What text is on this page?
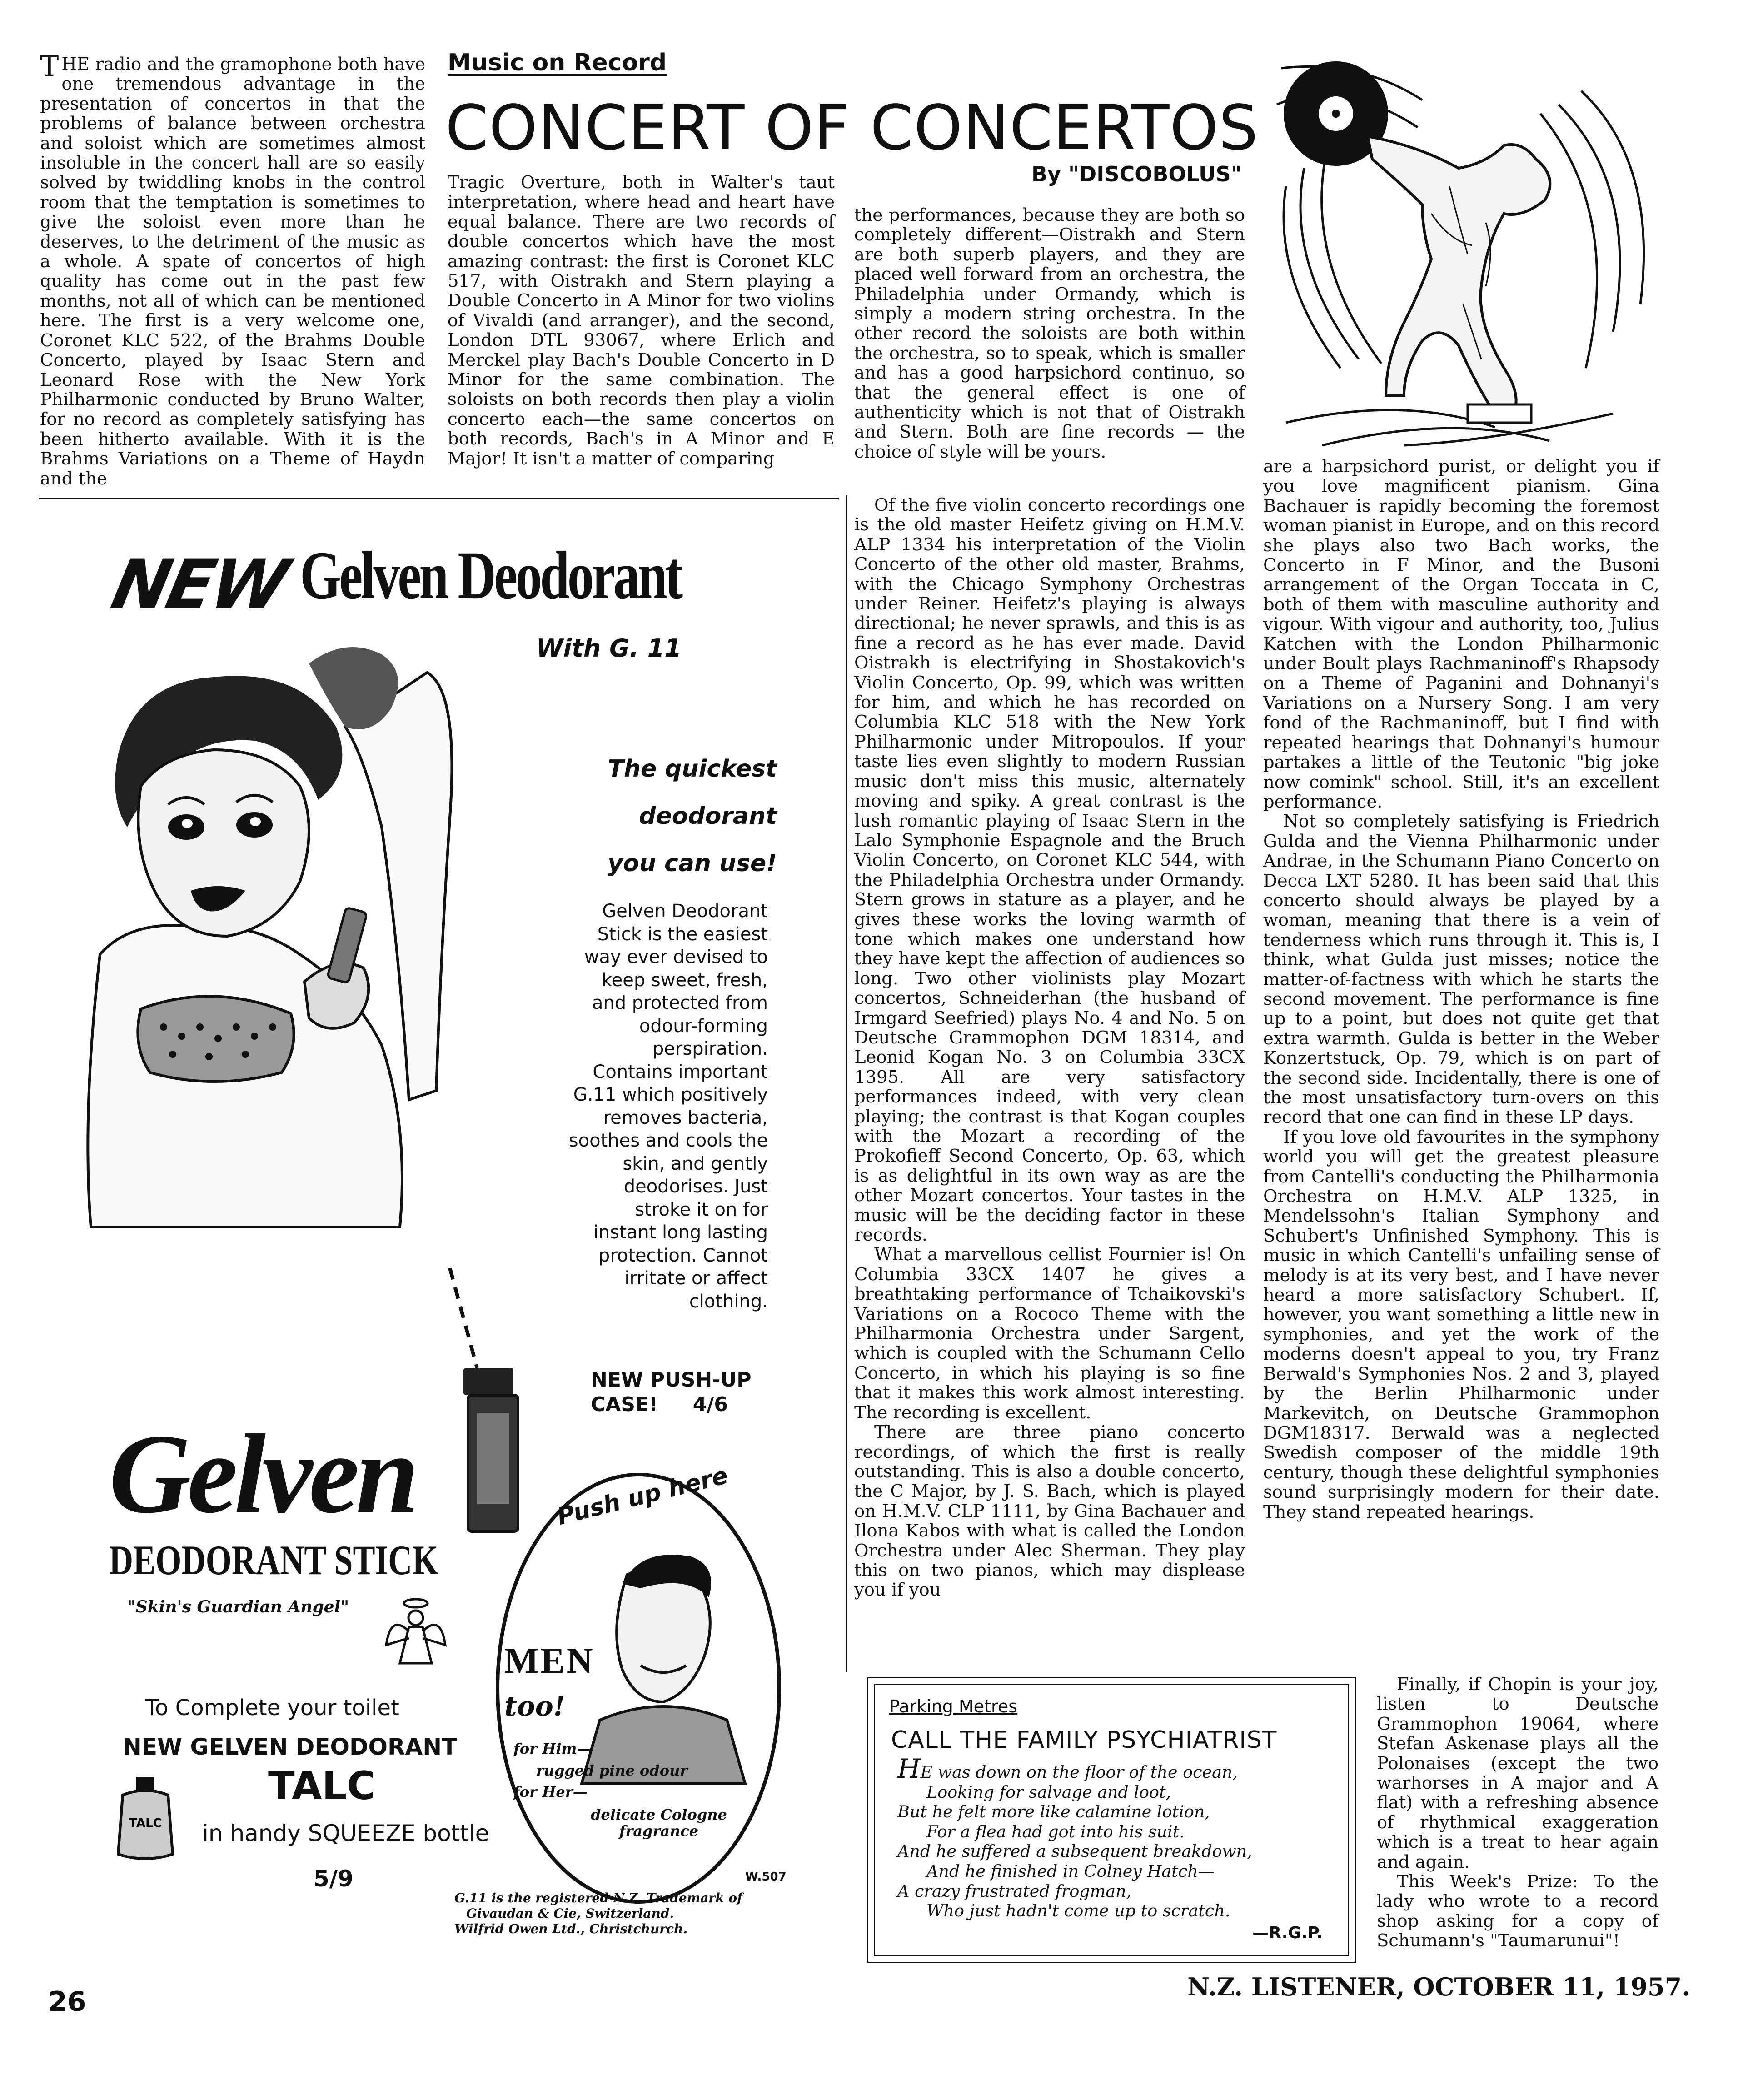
THE radio and the gramophone both have one tremendous advantage in the presentation of concertos in that the problems of balance between orchestra and soloist which are sometimes almost insoluble in the concert hall are so easily solved by twiddling knobs in the control room that the temptation is sometimes to give the soloist even more than he deserves, to the detriment of the music as a whole. A spate of concertos of high quality has come out in the past few months, not all of which can be mentioned here. The first is a very welcome one, Coronet KLC 522, of the Brahms Double Concerto, played by Isaac Stern and Leonard Rose with the New York Philharmonic conducted by Bruno Walter, for no record as completely satisfying has been hitherto available. With it is the Brahms Variations on a Theme of Haydn and the

Music on Record
CONCERT OF CONCERTOS
By "DISCOBOLUS"

Tragic Overture, both in Walter's taut interpretation, where head and heart have equal balance. There are two records of double concertos which have the most amazing contrast: the first is Coronet KLC 517, with Oistrakh and Stern playing a Double Concerto in A Minor for two violins of Vivaldi (and arranger), and the second, London DTL 93067, where Erlich and Merckel play Bach's Double Concerto in D Minor for the same combination. The soloists on both records then play a violin concerto each—the same concertos on both records, Bach's in A Minor and E Major! It isn't a matter of comparing

the performances, because they are both so completely different—Oistrakh and Stern are both superb players, and they are placed well forward from an orchestra, the Philadelphia under Ormandy, which is simply a modern string orchestra. In the other record the soloists are both within the orchestra, so to speak, which is smaller and has a good harpsichord continuo, so that the general effect is one of authenticity which is not that of Oistrakh and Stern. Both are fine records — the choice of style will be yours.

Of the five violin concerto recordings one is the old master Heifetz giving on H.M.V. ALP 1334 his interpretation of the Violin Concerto of the other old master, Brahms, with the Chicago Symphony Orchestras under Reiner. Heifetz's playing is always directional; he never sprawls, and this is as fine a record as he has ever made. David Oistrakh is electrifying in Shostakovich's Violin Concerto, Op. 99, which was written for him, and which he has recorded on Columbia KLC 518 with the New York Philharmonic under Mitropoulos. If your taste lies even slightly to modern Russian music don't miss this music, alternately moving and spiky. A great contrast is the lush romantic playing of Isaac Stern in the Lalo Symphonie Espagnole and the Bruch Violin Concerto, on Coronet KLC 544, with the Philadelphia Orchestra under Ormandy. Stern grows in stature as a player, and he gives these works the loving warmth of tone which makes one understand how they have kept the affection of audiences so long. Two other violinists play Mozart concertos, Schneiderhan (the husband of Irmgard Seefried) plays No. 4 and No. 5 on Deutsche Grammophon DGM 18314, and Leonid Kogan No. 3 on Columbia 33CX 1395. All are very satisfactory performances indeed, with very clean playing; the contrast is that Kogan couples with the Mozart a recording of the Prokofieff Second Concerto, Op. 63, which is as delightful in its own way as are the other Mozart concertos. Your tastes in the music will be the deciding factor in these records.

What a marvellous cellist Fournier is! On Columbia 33CX 1407 he gives a breathtaking performance of Tchaikovski's Variations on a Rococo Theme with the Philharmonia Orchestra under Sargent, which is coupled with the Schumann Cello Concerto, in which his playing is so fine that it makes this work almost interesting. The recording is excellent.

There are three piano concerto recordings, of which the first is really outstanding. This is also a double concerto, the C Major, by J. S. Bach, which is played on H.M.V. CLP 1111, by Gina Bachauer and Ilona Kabos with what is called the London Orchestra under Alec Sherman. They play this on two pianos, which may displease you if you

are a harpsichord purist, or delight you if you love magnificent pianism. Gina Bachauer is rapidly becoming the foremost woman pianist in Europe, and on this record she plays also two Bach works, the Concerto in F Minor, and the Busoni arrangement of the Organ Toccata in C, both of them with masculine authority and vigour. With vigour and authority, too, Julius Katchen with the London Philharmonic under Boult plays Rachmaninoff's Rhapsody on a Theme of Paganini and Dohnanyi's Variations on a Nursery Song. I am very fond of the Rachmaninoff, but I find with repeated hearings that Dohnanyi's humour partakes a little of the Teutonic "big joke now comink" school. Still, it's an excellent performance.

Not so completely satisfying is Friedrich Gulda and the Vienna Philharmonic under Andrae, in the Schumann Piano Concerto on Decca LXT 5280. It has been said that this concerto should always be played by a woman, meaning that there is a vein of tenderness which runs through it. This is, I think, what Gulda just misses; notice the matter-of-factness with which he starts the second movement. The performance is fine up to a point, but does not quite get that extra warmth. Gulda is better in the Weber Konzertstuck, Op. 79, which is on part of the second side. Incidentally, there is one of the most unsatisfactory turn-overs on this record that one can find in these LP days.

If you love old favourites in the symphony world you will get the greatest pleasure from Cantelli's conducting the Philharmonia Orchestra on H.M.V. ALP 1325, in Mendelssohn's Italian Symphony and Schubert's Unfinished Symphony. This is music in which Cantelli's unfailing sense of melody is at its very best, and I have never heard a more satisfactory Schubert. If, however, you want something a little new in symphonies, and yet the work of the moderns doesn't appeal to you, try Franz Berwald's Symphonies Nos. 2 and 3, played by the Berlin Philharmonic under Markevitch, on Deutsche Grammophon DGM18317. Berwald was a neglected Swedish composer of the middle 19th century, though these delightful symphonies sound surprisingly modern for their date. They stand repeated hearings.

Finally, if Chopin is your joy, listen to Deutsche Grammophon 19064, where Stefan Askenase plays all the Polonaises (except the two warhorses in A major and A flat) with a refreshing absence of rhythmical exaggeration which is a treat to hear again and again.

This Week's Prize: To the lady who wrote to a record shop asking for a copy of Schumann's "Taumarunui"!

NEW Gelven Deodorant
With G. 11
The quickest
deodorant
you can use!
Gelven Deodorant Stick is the easiest way ever devised to keep sweet, fresh, and protected from odour-forming perspiration. Contains important G.11 which positively removes bacteria, soothes and cools the skin, and gently deodorises. Just stroke it on for instant long lasting protection. Cannot irritate or affect clothing.
NEW PUSH-UP
CASE!     4/6
Gelven
DEODORANT STICK
"Skin's Guardian Angel"
To Complete your toilet
NEW GELVEN DEODORANT
TALC
TALC in handy SQUEEZE bottle
5/9
Push up here
MEN
too!
for Him—
rugged pine odour
for Her—
delicate Cologne
fragrance
W.507
G.11 is the registered N.Z. Trademark of
Givaudan & Cie, Switzerland.
Wilfrid Owen Ltd., Christchurch.
Parking Metres
CALL THE FAMILY PSYCHIATRIST
HE was down on the floor of the ocean,
Looking for salvage and loot,
But he felt more like calamine lotion,
For a flea had got into his suit.
And he suffered a subsequent breakdown,
And he finished in Colney Hatch—
A crazy frustrated frogman,
Who just hadn't come up to scratch.
—R.G.P.
26	N.Z. LISTENER, OCTOBER 11, 1957.
